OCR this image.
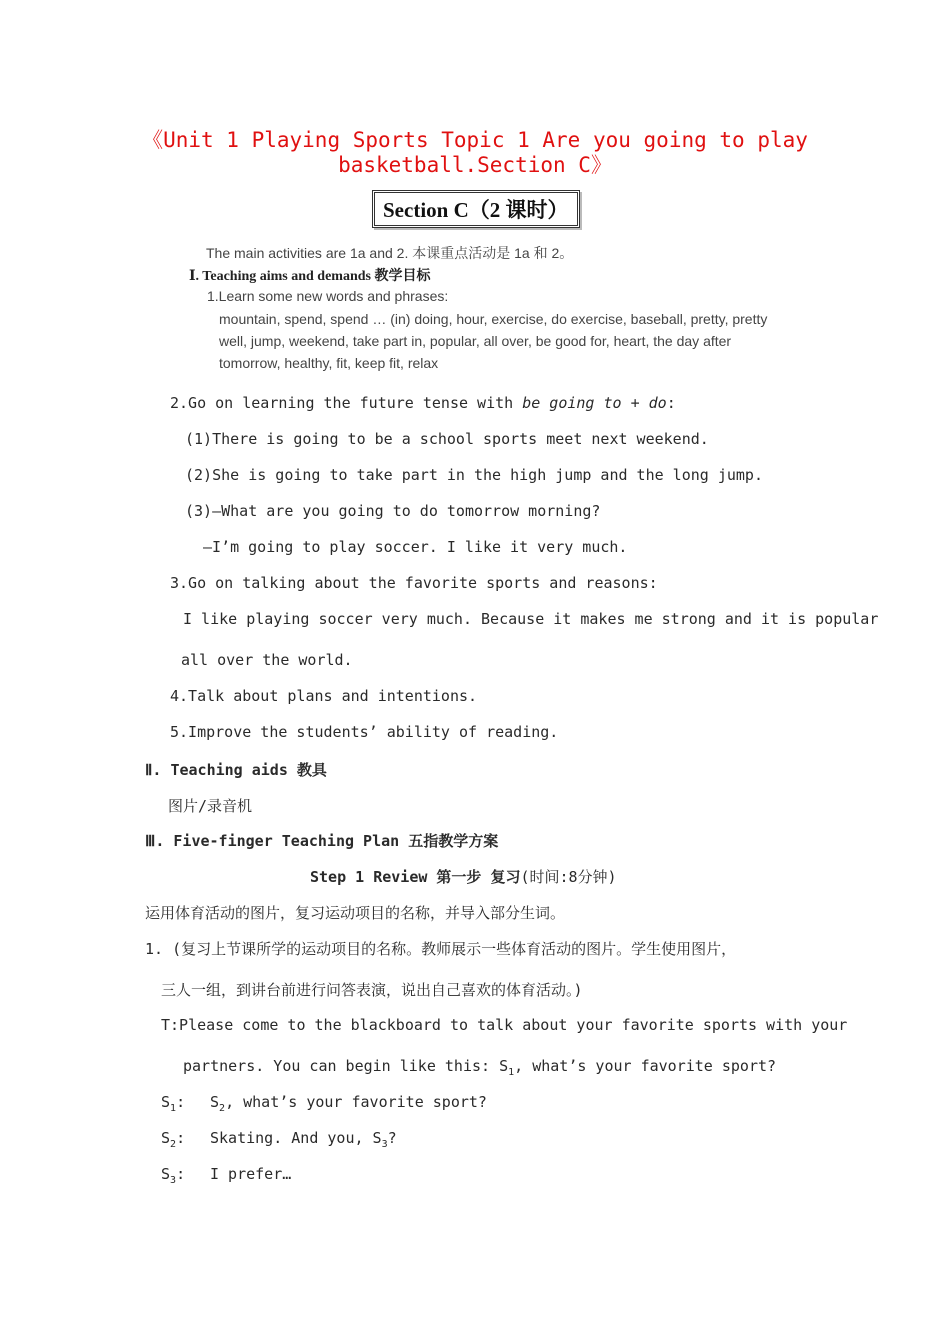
《Unit 1 Playing Sports Topic 1 Are you going to play
basketball.Section C》
Section C（2 课时）
The main activities are 1a and 2. 本课重点活动是 1a 和 2。
Ⅰ. Teaching aims and demands 教学目标
1.Learn some new words and phrases:
mountain, spend, spend … (in) doing, hour, exercise, do exercise, baseball, pretty, pretty
well, jump, weekend, take part in, popular, all over, be good for, heart, the day after
tomorrow, healthy, fit, keep fit, relax
2.Go on learning the future tense with be going to + do:
(1)There is going to be a school sports meet next weekend.
(2)She is going to take part in the high jump and the long jump.
(3)—What are you going to do tomorrow morning?
—I’m going to play soccer. I like it very much.
3.Go on talking about the favorite sports and reasons:
I like playing soccer very much. Because it makes me strong and it is popular
all over the world.
4.Talk about plans and intentions.
5.Improve the students’ ability of reading.
Ⅱ. Teaching aids 教具
图片/录音机
Ⅲ. Five-finger Teaching Plan 五指教学方案
Step 1 Review 第一步 复习(时间:8分钟)
运用体育活动的图片，复习运动项目的名称，并导入部分生词。
1. (复习上节课所学的运动项目的名称。教师展示一些体育活动的图片。学生使用图片，
三人一组，到讲台前进行问答表演，说出自己喜欢的体育活动。)
T:Please come to the blackboard to talk about your favorite sports with your
partners. You can begin like this: $S_1$, what’s your favorite sport?
$S_1$: $S_2$, what’s your favorite sport?
$S_2$: Skating. And you, $S_3$?
$S_3$: I prefer…
